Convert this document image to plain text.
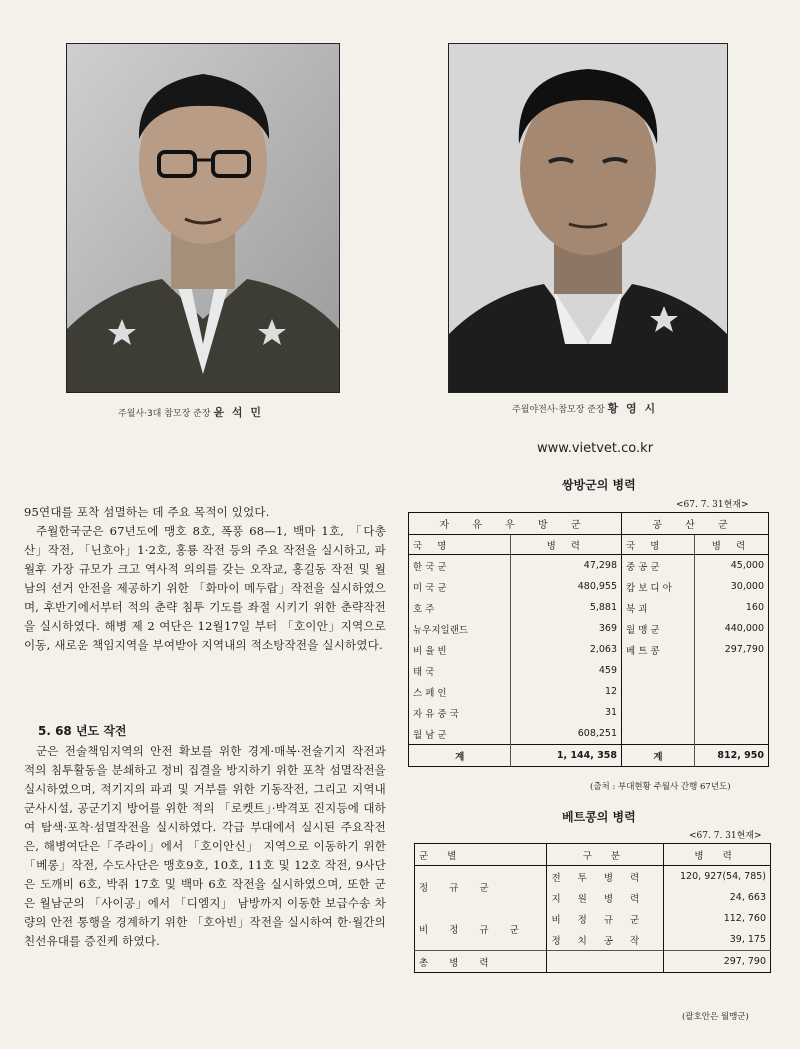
주월사·3대 참모장 준장 윤 석 민	주월야전사·참모장 준장 황 영 시
www.vietvet.co.kr

95연대를 포착 섬멸하는 데 주요 목적이 있었다.

주월한국군은 67년도에 맹호 8호, 폭풍 68—1, 백마 1호, 「다총산」작전, 「닌호아」1·2호, 홍룡 작전 등의 주요 작전을 실시하고, 파월후 가장 규모가 크고 역사적 의의를 갖는 오작교, 홍길동 작전 및 월남의 선거 안전을 제공하기 위한 「화마이 메두랍」작전을 실시하였으며, 후반기에서부터 적의 춘략 침투 기도를 좌절 시키기 위한 춘략작전을 실시하였다. 해병 제 2 여단은 12월17일 부터 「호이안」지역으로 이동, 새로운 책임지역을 부여받아 지역내의 적소탕작전을 실시하였다.

5. 68 년도 작전

군은 전술책임지역의 안전 확보를 위한 경계·매복·전술기지 작전과 적의 침투활동을 분쇄하고 정비 집결을 방지하기 위한 포착 섬멸작전을 실시하였으며, 적기지의 파괴 및 거부를 위한 기동작전, 그리고 지역내 군사시설, 공군기지 방어를 위한 적의 「로켓트」·박격포 진지등에 대하여 탐색·포착·섬멸작전을 실시하였다. 각급 부대에서 실시된 주요작전은, 해병여단은「주라이」에서 「호이안신」 지역으로 이동하기 위한 「베롱」작전, 수도사단은 맹호9호, 10호, 11호 및 12호 작전, 9사단은 도깨비 6호, 박쥐 17호 및 백마 6호 작전을 실시하였으며, 또한 군은 월남군의 「사이공」에서 「디엠지」 남방까지 이동한 보급수송 차량의 안전 통행을 경계하기 위한 「호아빈」작전을 실시하여 한·월간의 친선유대를 증진케 하였다.

쌍방군의 병력
<67. 7. 31현재>
자 유 우 방 군		공 산 군	
국 명	병 력	국 명	병 력
한 국 군	47,298	중 공 군	45,000
미 국 군	480,955	캄 보 디 아	30,000
호 주	5,881	북 괴	160
뉴우지일랜드	369	월 맹 군	440,000
비 율 빈	2,063	베 트 콩	297,790
태 국	459		
스 페 인	12		
자 유 중 국	31		
월 남 군	608,251		
계	1, 144, 358	계	812, 950
(출처 : 부대현황 주월사 간행 67년도)
베트콩의 병력
<67. 7. 31현재>
군 별	구 분	병 력
정 규 군	전 투 병 력	120, 927(54, 785)
	지 원 병 력	24, 663
비 정 규 군	비 정 규 군	112, 760
	정 치 공 작	39, 175
총 병 력		297, 790
(괄호안은 월맹군)
